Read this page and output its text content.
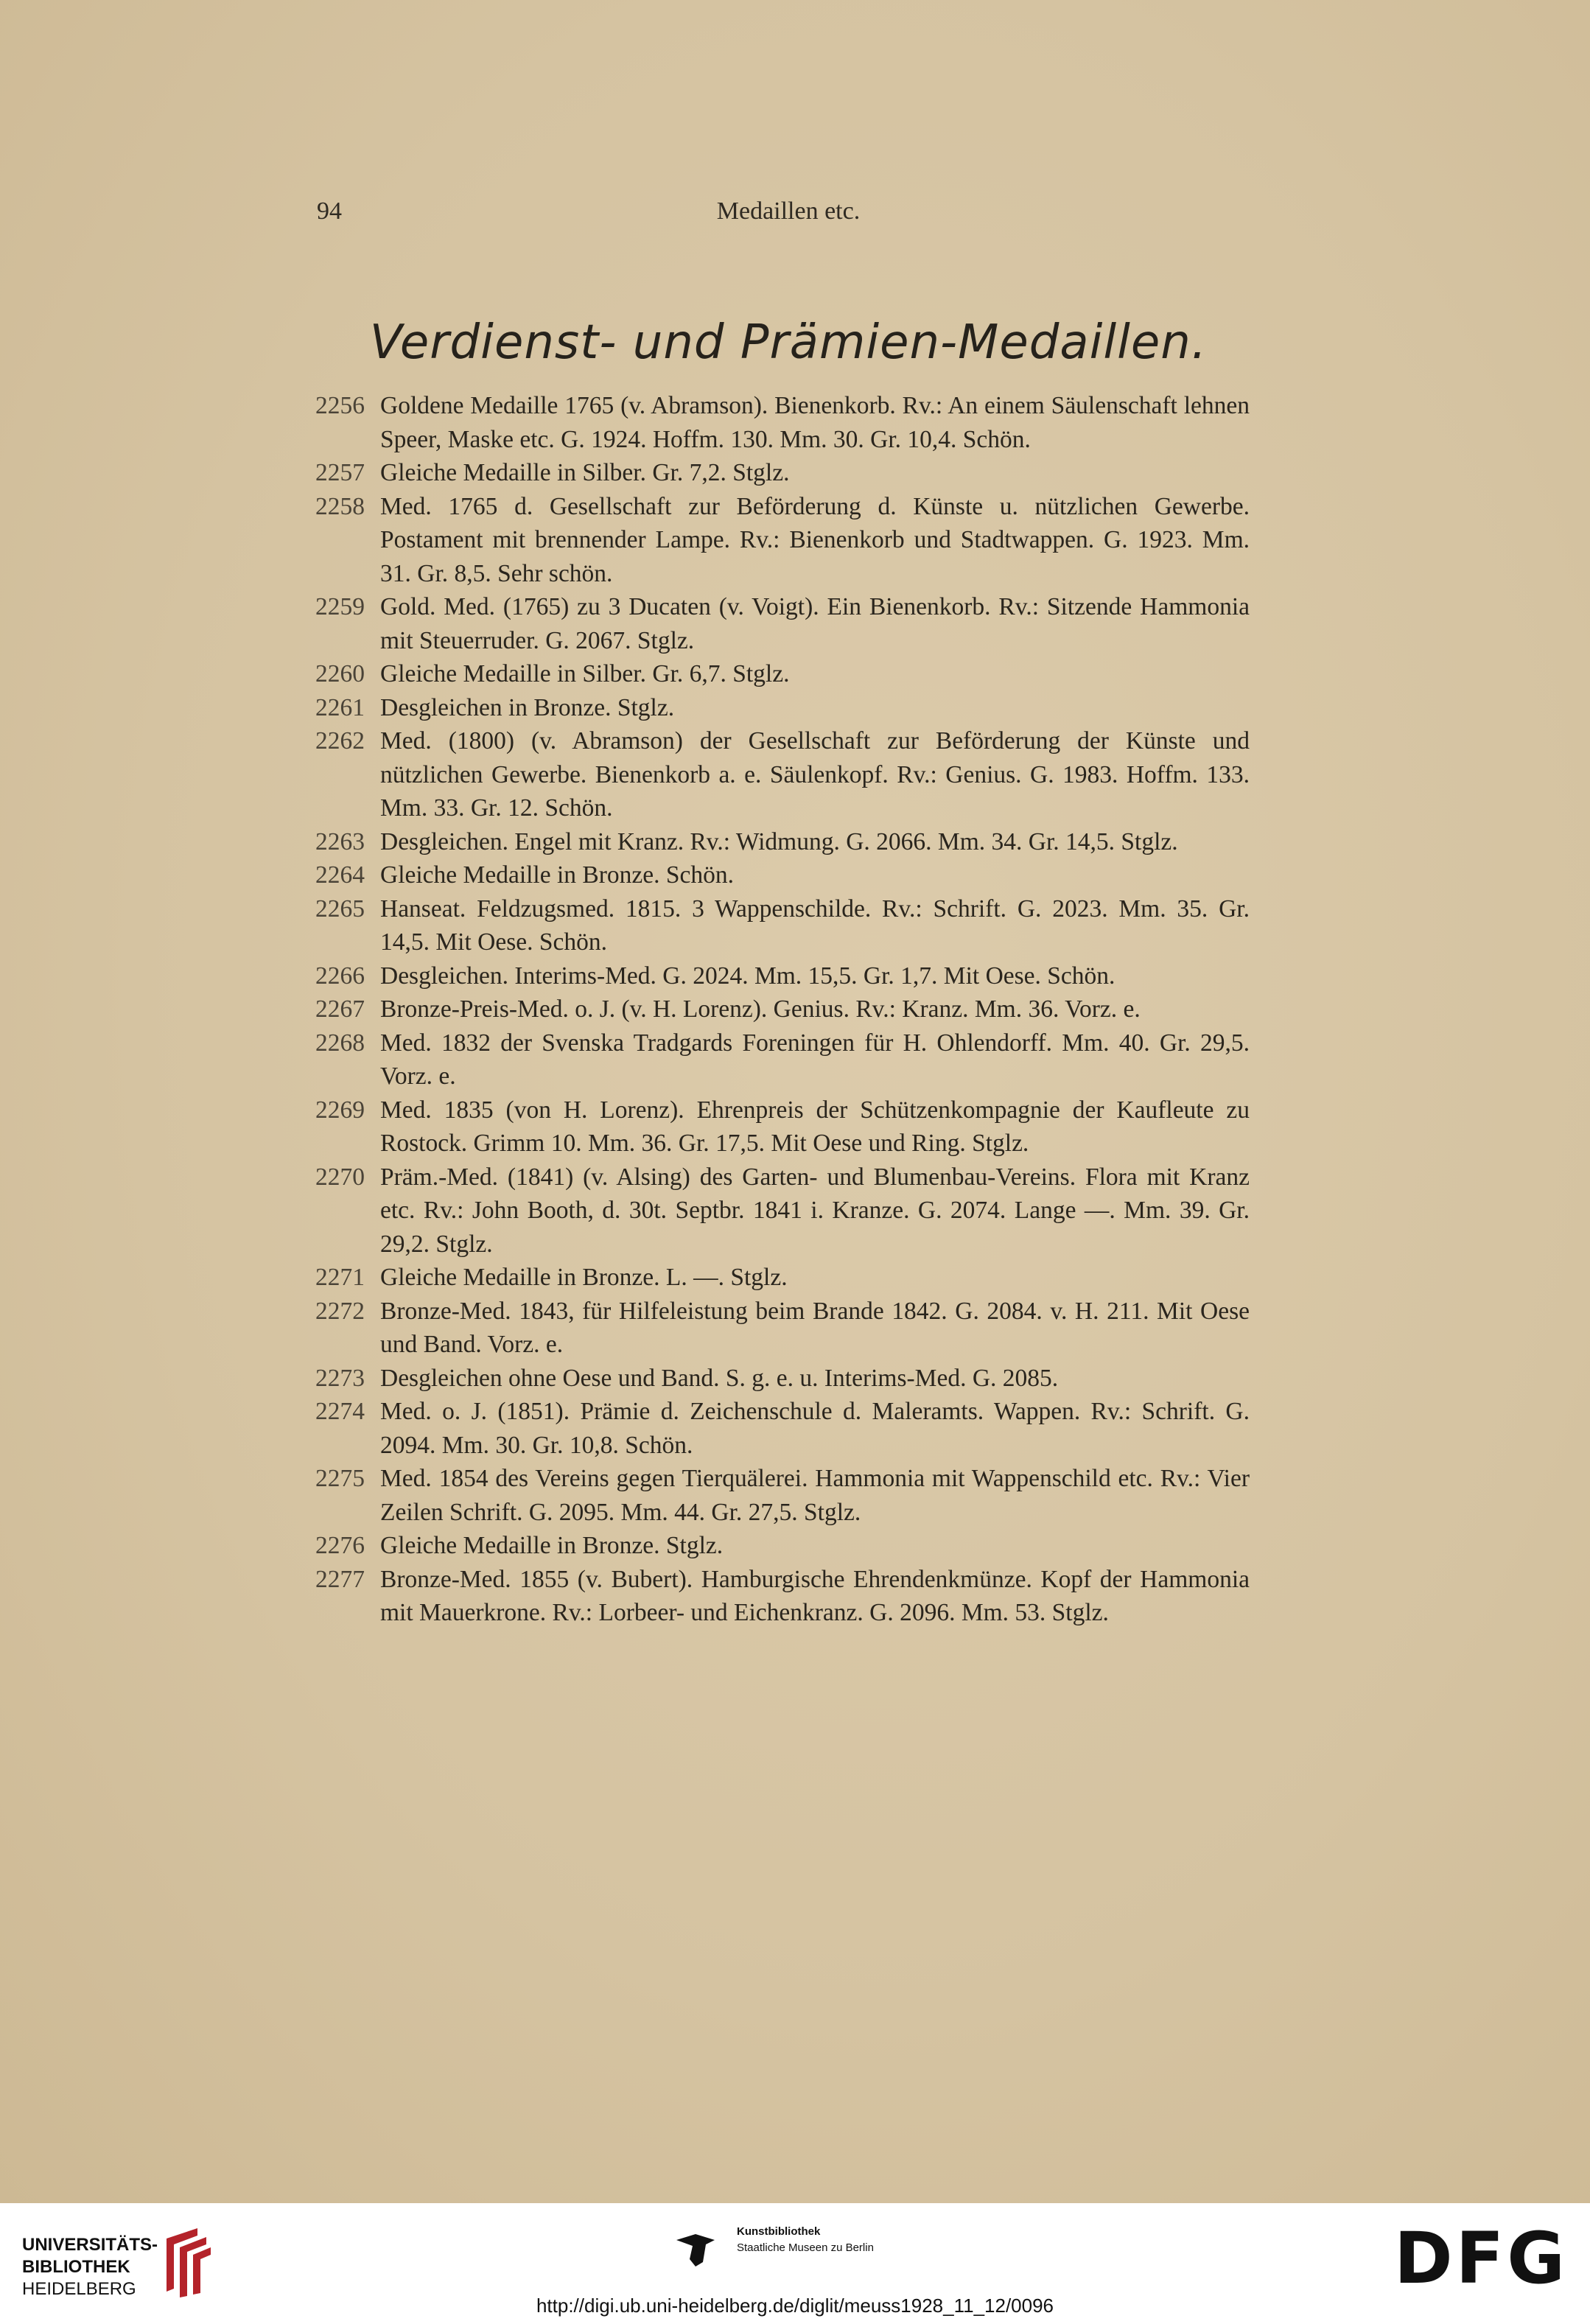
94	Medaillen etc.
Verdienst- und Prämien-Medaillen.
2256 Goldene Medaille 1765 (v. Abramson). Bienenkorb. Rv.: An einem Säulenschaft lehnen Speer, Maske etc. G. 1924. Hoffm. 130. Mm. 30. Gr. 10,4. Schön.
2257 Gleiche Medaille in Silber. Gr. 7,2. Stglz.
2258 Med. 1765 d. Gesellschaft zur Beförderung d. Künste u. nützlichen Gewerbe. Postament mit brennender Lampe. Rv.: Bienenkorb und Stadtwappen. G. 1923. Mm. 31. Gr. 8,5. Sehr schön.
2259 Gold. Med. (1765) zu 3 Ducaten (v. Voigt). Ein Bienenkorb. Rv.: Sitzende Hammonia mit Steuerruder. G. 2067. Stglz.
2260 Gleiche Medaille in Silber. Gr. 6,7. Stglz.
2261 Desgleichen in Bronze. Stglz.
2262 Med. (1800) (v. Abramson) der Gesellschaft zur Beförderung der Künste und nützlichen Gewerbe. Bienenkorb a. e. Säulenkopf. Rv.: Genius. G. 1983. Hoffm. 133. Mm. 33. Gr. 12. Schön.
2263 Desgleichen. Engel mit Kranz. Rv.: Widmung. G. 2066. Mm. 34. Gr. 14,5. Stglz.
2264 Gleiche Medaille in Bronze. Schön.
2265 Hanseat. Feldzugsmed. 1815. 3 Wappenschilde. Rv.: Schrift. G. 2023. Mm. 35. Gr. 14,5. Mit Oese. Schön.
2266 Desgleichen. Interims-Med. G. 2024. Mm. 15,5. Gr. 1,7. Mit Oese. Schön.
2267 Bronze-Preis-Med. o. J. (v. H. Lorenz). Genius. Rv.: Kranz. Mm. 36. Vorz. e.
2268 Med. 1832 der Svenska Tradgards Foreningen für H. Ohlendorff. Mm. 40. Gr. 29,5. Vorz. e.
2269 Med. 1835 (von H. Lorenz). Ehrenpreis der Schützenkompagnie der Kaufleute zu Rostock. Grimm 10. Mm. 36. Gr. 17,5. Mit Oese und Ring. Stglz.
2270 Präm.-Med. (1841) (v. Alsing) des Garten- und Blumenbau-Vereins. Flora mit Kranz etc. Rv.: John Booth, d. 30t. Septbr. 1841 i. Kranze. G. 2074. Lange —. Mm. 39. Gr. 29,2. Stglz.
2271 Gleiche Medaille in Bronze. L. —. Stglz.
2272 Bronze-Med. 1843, für Hilfeleistung beim Brande 1842. G. 2084. v. H. 211. Mit Oese und Band. Vorz. e.
2273 Desgleichen ohne Oese und Band. S. g. e. u. Interims-Med. G. 2085.
2274 Med. o. J. (1851). Prämie d. Zeichenschule d. Maleramts. Wappen. Rv.: Schrift. G. 2094. Mm. 30. Gr. 10,8. Schön.
2275 Med. 1854 des Vereins gegen Tierquälerei. Hammonia mit Wappenschild etc. Rv.: Vier Zeilen Schrift. G. 2095. Mm. 44. Gr. 27,5. Stglz.
2276 Gleiche Medaille in Bronze. Stglz.
2277 Bronze-Med. 1855 (v. Bubert). Hamburgische Ehrendenkmünze. Kopf der Hammonia mit Mauerkrone. Rv.: Lorbeer- und Eichenkranz. G. 2096. Mm. 53. Stglz.
UNIVERSITÄTS-
BIBLIOTHEK
HEIDELBERG
Kunstbibliothek
Staatliche Museen zu Berlin	DFG
http://digi.ub.uni-heidelberg.de/diglit/meuss1928_11_12/0096
